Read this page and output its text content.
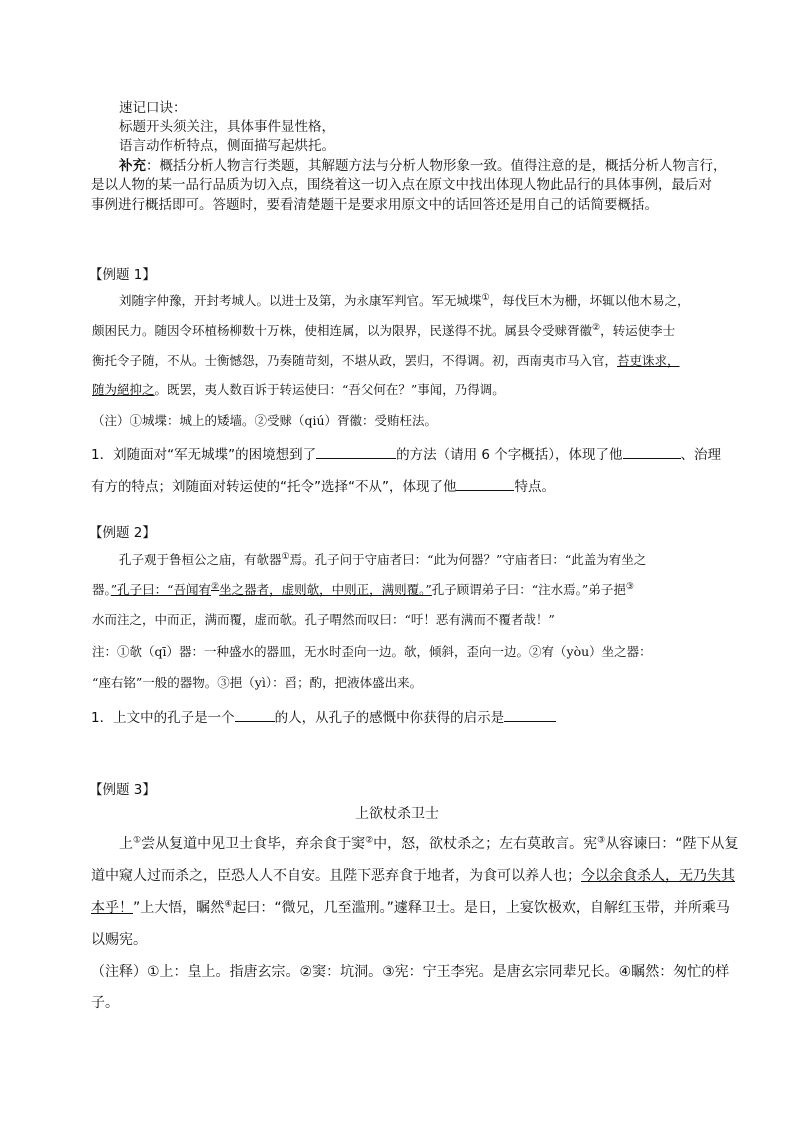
速记口诀：
标题开头须关注，具体事件显性格，
语言动作析特点，侧面描写起烘托。
补充：概括分析人物言行类题，其解题方法与分析人物形象一致。值得注意的是，概括分析人物言行，
是以人物的某一品行品质为切入点，围绕着这一切入点在原文中找出体现人物此品行的具体事例，最后对
事例进行概括即可。答题时，要看清楚题干是要求用原文中的话回答还是用自己的话简要概括。
【例题 1】
刘随字仲豫，开封考城人。以进士及第，为永康军判官。军无城堞①，每伐巨木为栅，坏辄以他木易之，
颇困民力。随因令环植杨柳数十万株，使相连属，以为限界，民遂得不扰。属县令受赇胥徽②，转运使李士
衡托令子随，不从。士衡憾怨，乃奏随苛刻，不堪从政，罢归，不得调。初，西南夷市马入官，苔吏诛求，
随为絕抑之。既罢，夷人数百诉于转运使曰：“吾父何在？”事闻，乃得调。
（注）①城堞：城上的矮墙。②受赇（qiú）胥徽：受贿枉法。
1．刘随面对“军无城堞”的困境想到了	的方法（请用 6 个字概括），体现了他	、治理
有方的特点；刘随面对转运使的“托令”选择“不从”，体现了他	特点。
【例题 2】
孔子观于鲁桓公之庙，有欹器①焉。孔子问于守庙者曰：“此为何器？”守庙者曰：“此盖为宥坐之
器。”孔子曰：“吾闻宥②坐之器者，虚则欹，中则正，满则覆。”孔子顾谓弟子曰：“注水焉。”弟子挹③
水而注之，中而正，满而覆，虚而欹。孔子喟然而叹曰：“吁！恶有满而不覆者哉！”
注：①欹（qī）器：一种盛水的器皿，无水时歪向一边。欹，倾斜，歪向一边。②宥（yòu）坐之器：
“座右铭”一般的器物。③挹（yì）：舀；酌，把液体盛出来。
1．上文中的孔子是一个	的人，从孔子的感慨中你获得的启示是
【例题 3】
上欲杖杀卫士
上①尝从复道中见卫士食毕，弃余食于窦②中，怒，欲杖杀之；左右莫敢言。宪③从容谏曰：“陛下从复
道中窥人过而杀之，臣恐人人不自安。且陛下恶弃食于地者，为食可以养人也；今以余食杀人，无乃失其
本乎！”上大悟，瞩然④起曰：“微兄，几至滥刑。”遽释卫士。是日，上宴饮极欢，自解红玉带，并所乘马
以赐宪。
（注释）①上：皇上。指唐玄宗。②窦：坑洞。③宪：宁王李宪。是唐玄宗同辈兄长。④瞩然：匆忙的样
子。
